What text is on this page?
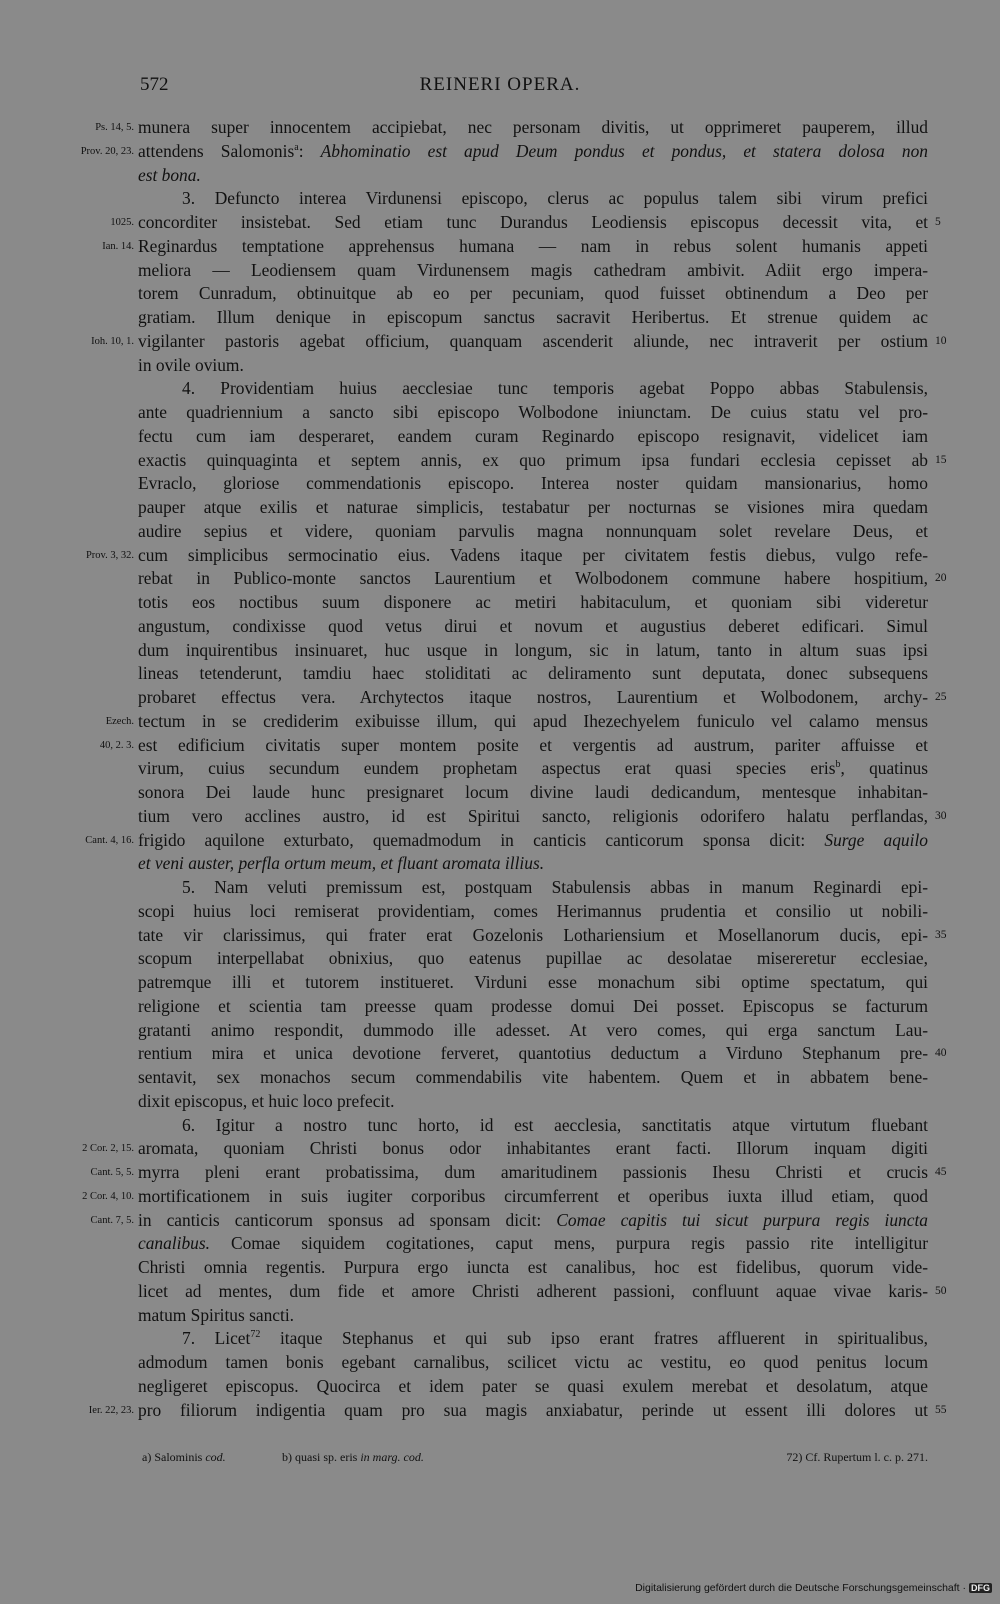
572	REINERI OPERA.
Ps. 14, 5. munera super innocentem accipiebat, nec personam divitis, ut opprimeret pauperem, illud
Prov. 20, 23. attendens Salomonis$^a$: Abhominatio est apud Deum pondus et pondus, et statera dolosa non
est bona.
3. Defuncto interea Virdunensi episcopo, clerus ac populus talem sibi virum prefici
1025. concorditer insistebat. Sed etiam tunc Durandus Leodiensis episcopus decessit vita, et 5
Ian. 14. Reginardus temptatione apprehensus humana — nam in rebus solent humanis appeti
meliora — Leodiensem quam Virdunensem magis cathedram ambivit. Adiit ergo impera-
torem Cunradum, obtinuitque ab eo per pecuniam, quod fuisset obtinendum a Deo per
gratiam. Illum denique in episcopum sanctus sacravit Heribertus. Et strenue quidem ac
Ioh. 10, 1. vigilanter pastoris agebat officium, quanquam ascenderit aliunde, nec intraverit per ostium 10
in ovile ovium.
4. Providentiam huius aecclesiae tunc temporis agebat Poppo abbas Stabulensis,
ante quadriennium a sancto sibi episcopo Wolbodone iniunctam. De cuius statu vel pro-
fectu cum iam desperaret, eandem curam Reginardo episcopo resignavit, videlicet iam
exactis quinquaginta et septem annis, ex quo primum ipsa fundari ecclesia cepisset ab 15
Evraclo, gloriose commendationis episcopo. Interea noster quidam mansionarius, homo
pauper atque exilis et naturae simplicis, testabatur per nocturnas se visiones mira quedam
audire sepius et videre, quoniam parvulis magna nonnunquam solet revelare Deus, et
Prov. 3, 32. cum simplicibus sermocinatio eius. Vadens itaque per civitatem festis diebus, vulgo refe-
rebat in Publico-monte sanctos Laurentium et Wolbodonem commune habere hospitium, 20
totis eos noctibus suum disponere ac metiri habitaculum, et quoniam sibi videretur
angustum, condixisse quod vetus dirui et novum et augustius deberet edificari. Simul
dum inquirentibus insinuaret, huc usque in longum, sic in latum, tanto in altum suas ipsi
lineas tetenderunt, tamdiu haec stoliditati ac deliramento sunt deputata, donec subsequens
probaret effectus vera. Archytectos itaque nostros, Laurentium et Wolbodonem, archy- 25
Ezech. tectum in se crediderim exibuisse illum, qui apud Ihezechyelem funiculo vel calamo mensus
40, 2. 3. est edificium civitatis super montem posite et vergentis ad austrum, pariter affuisse et
virum, cuius secundum eundem prophetam aspectus erat quasi species eris$^b$, quatinus
sonora Dei laude hunc presignaret locum divine laudi dedicandum, mentesque inhabitan-
tium vero acclines austro, id est Spiritui sancto, religionis odorifero halatu perflandas, 30
Cant. 4, 16. frigido aquilone exturbato, quemadmodum in canticis canticorum sponsa dicit: Surge aquilo
et veni auster, perfla ortum meum, et fluant aromata illius.
5. Nam veluti premissum est, postquam Stabulensis abbas in manum Reginardi epi-
scopi huius loci remiserat providentiam, comes Herimannus prudentia et consilio ut nobili-
tate vir clarissimus, qui frater erat Gozelonis Lothariensium et Mosellanorum ducis, epi- 35
scopum interpellabat obnixius, quo eatenus pupillae ac desolatae misereretur ecclesiae,
patremque illi et tutorem institueret. Virduni esse monachum sibi optime spectatum, qui
religione et scientia tam preesse quam prodesse domui Dei posset. Episcopus se facturum
gratanti animo respondit, dummodo ille adesset. At vero comes, qui erga sanctum Lau-
rentium mira et unica devotione ferveret, quantotius deductum a Virduno Stephanum pre- 40
sentavit, sex monachos secum commendabilis vite habentem. Quem et in abbatem bene-
dixit episcopus, et huic loco prefecit.
6. Igitur a nostro tunc horto, id est aecclesia, sanctitatis atque virtutum fluebant
2 Cor. 2, 15. aromata, quoniam Christi bonus odor inhabitantes erant facti. Illorum inquam digiti
Cant. 5, 5. myrra pleni erant probatissima, dum amaritudinem passionis Ihesu Christi et crucis 45
2 Cor. 4, 10. mortificationem in suis iugiter corporibus circumferrent et operibus iuxta illud etiam, quod
Cant. 7, 5. in canticis canticorum sponsus ad sponsam dicit: Comae capitis tui sicut purpura regis iuncta
canalibus. Comae siquidem cogitationes, caput mens, purpura regis passio rite intelligitur
Christi omnia regentis. Purpura ergo iuncta est canalibus, hoc est fidelibus, quorum vide-
licet ad mentes, dum fide et amore Christi adherent passioni, confluunt aquae vivae karis- 50
matum Spiritus sancti.
7. Licet$^{72}$ itaque Stephanus et qui sub ipso erant fratres affluerent in spiritualibus,
admodum tamen bonis egebant carnalibus, scilicet victu ac vestitu, eo quod penitus locum
negligeret episcopus. Quocirca et idem pater se quasi exulem merebat et desolatum, atque
Ier. 22, 23. pro filiorum indigentia quam pro sua magis anxiabatur, perinde ut essent illi dolores ut 55
a) Salominis cod.	b) quasi sp. eris in marg. cod.	72) Cf. Rupertum l. c. p. 271.
Digitalisierung gefördert durch die Deutsche Forschungsgemeinschaft · DFG
